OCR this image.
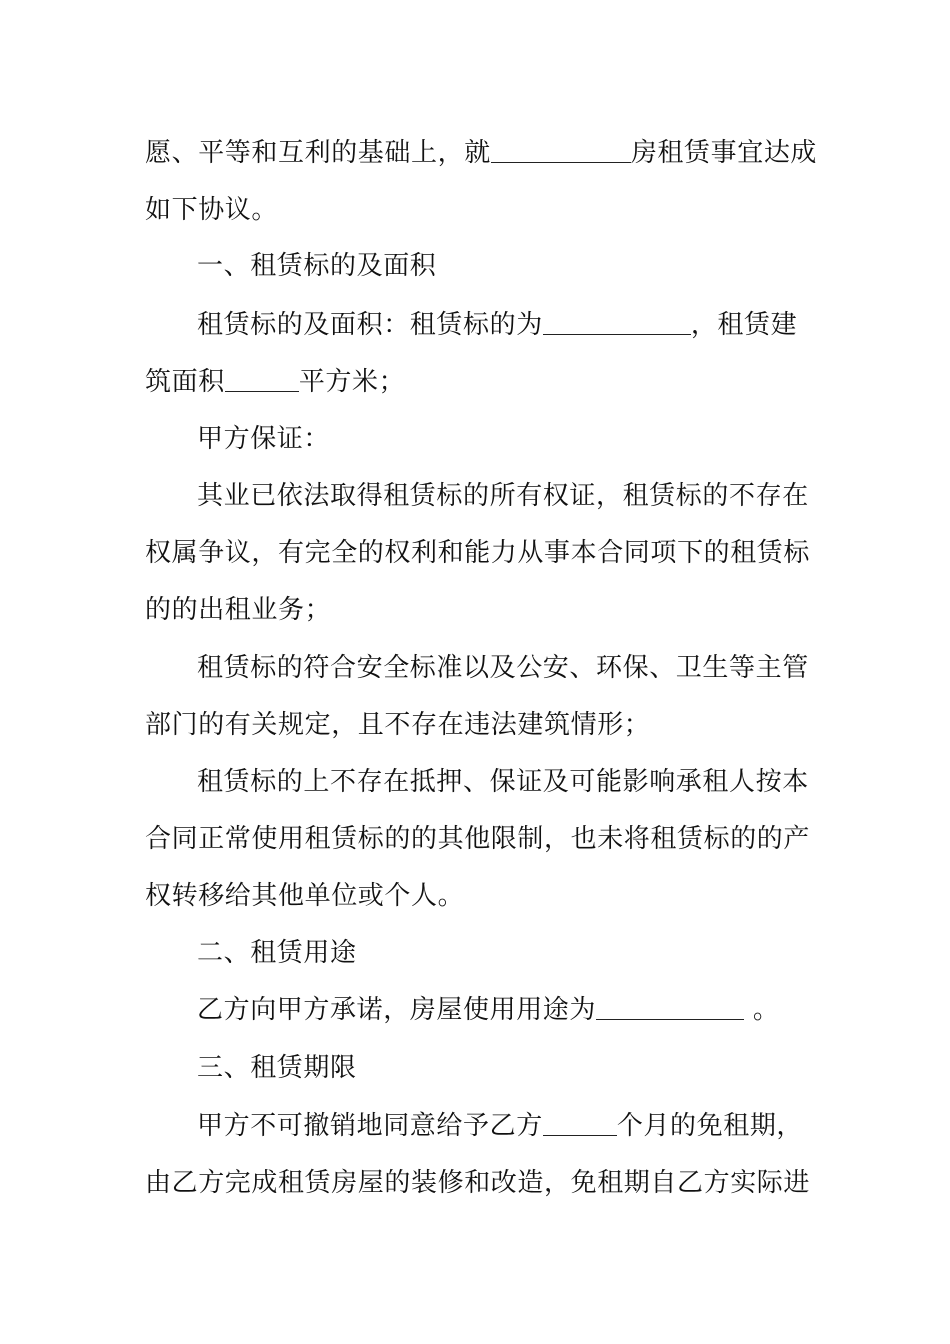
愿、平等和互利的基础上，就	房租赁事宜达成
如下协议。
一、租赁标的及面积
租赁标的及面积：租赁标的为	，租赁建
筑面积	平方米；
甲方保证：
其业已依法取得租赁标的所有权证，租赁标的不存在
权属争议，有完全的权利和能力从事本合同项下的租赁标
的的出租业务；
租赁标的符合安全标准以及公安、环保、卫生等主管
部门的有关规定，且不存在违法建筑情形；
租赁标的上不存在抵押、保证及可能影响承租人按本
合同正常使用租赁标的的其他限制，也未将租赁标的的产
权转移给其他单位或个人。
二、租赁用途
乙方向甲方承诺，房屋使用用途为	。
三、租赁期限
甲方不可撤销地同意给予乙方	个月的免租期，
由乙方完成租赁房屋的装修和改造，免租期自乙方实际进
